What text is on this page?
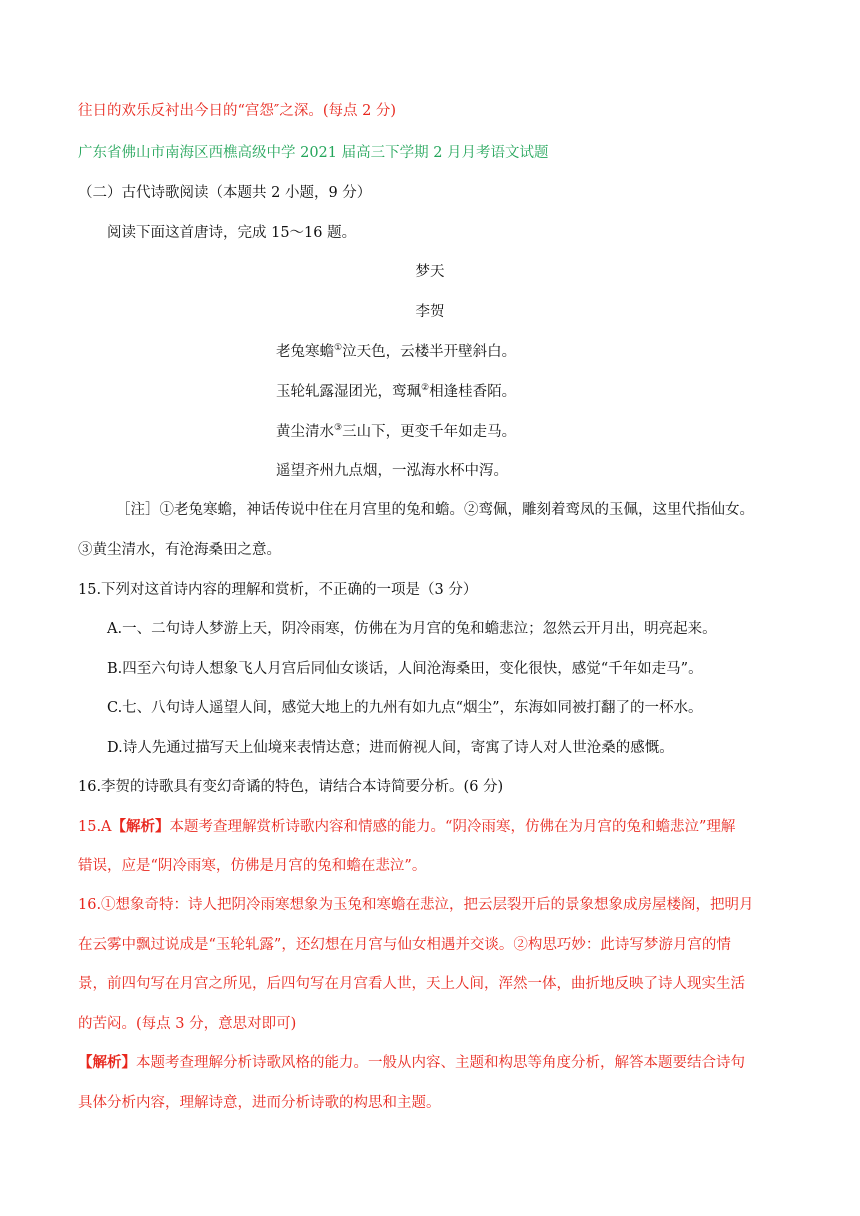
往日的欢乐反衬出今日的“宫怨″之深。(每点 2 分)
广东省佛山市南海区西樵高级中学 2021 届高三下学期 2 月月考语文试题
（二）古代诗歌阅读（本题共 2 小题，9 分）
阅读下面这首唐诗，完成 15～16 题。
梦天
李贺
老兔寒蟾①泣天色，云楼半开壁斜白。
玉轮轧露湿团光，鸾珮②相逢桂香陌。
黄尘清水③三山下，更变千年如走马。
遥望齐州九点烟，一泓海水杯中泻。
［注］①老兔寒蟾，神话传说中住在月宫里的兔和蟾。②鸾佩，雕刻着鸾凤的玉佩，这里代指仙女。
③黄尘清水，有沧海桑田之意。
15.下列对这首诗内容的理解和赏析，不正确的一项是（3 分）
A.一、二句诗人梦游上天，阴冷雨寒，仿佛在为月宫的兔和蟾悲泣；忽然云开月出，明亮起来。
B.四至六句诗人想象飞人月宫后同仙女谈话，人间沧海桑田，变化很快，感觉“千年如走马”。
C.七、八句诗人遥望人间，感觉大地上的九州有如九点“烟尘”，东海如同被打翻了的一杯水。
D.诗人先通过描写天上仙境来表情达意；进而俯视人间，寄寓了诗人对人世沧桑的感慨。
16.李贺的诗歌具有变幻奇谲的特色，请结合本诗简要分析。(6 分)
15.A【解析】本题考查理解赏析诗歌内容和情感的能力。“阴冷雨寒，仿佛在为月宫的兔和蟾悲泣”理解
错误，应是“阴冷雨寒，仿佛是月宫的兔和蟾在悲泣”。
16.①想象奇特：诗人把阴冷雨寒想象为玉兔和寒蟾在悲泣，把云层裂开后的景象想象成房屋楼阁，把明月
在云雾中飘过说成是“玉轮轧露”，还幻想在月宫与仙女相遇并交谈。②构思巧妙：此诗写梦游月宫的情
景，前四句写在月宫之所见，后四句写在月宫看人世，天上人间，浑然一体，曲折地反映了诗人现实生活
的苦闷。(每点 3 分，意思对即可)
【解析】本题考查理解分析诗歌风格的能力。一般从内容、主题和构思等角度分析，解答本题要结合诗句
具体分析内容，理解诗意，进而分析诗歌的构思和主题。
